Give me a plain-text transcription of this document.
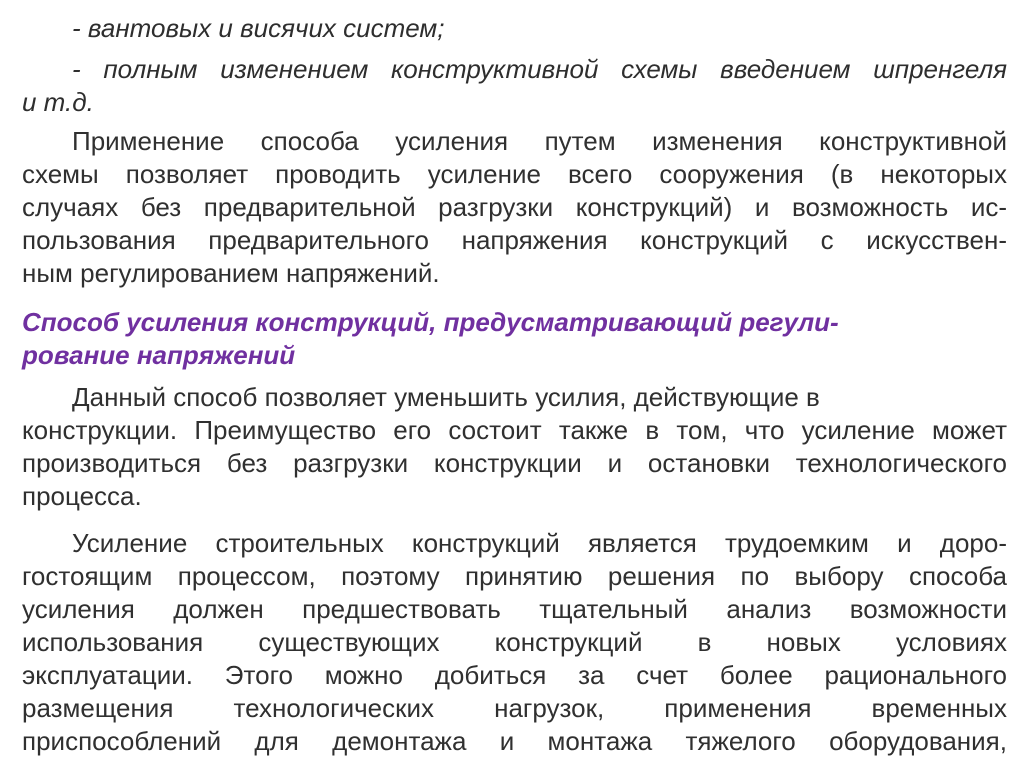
- вантовых и висячих систем;
- полным изменением конструктивной схемы введением шпренгеля
и т.д.
Применение способа усиления путем изменения конструктивной
схемы позволяет проводить усиление всего сооружения (в некоторых
случаях без предварительной разгрузки конструкций) и возможность ис-
пользования предварительного напряжения конструкций с искусствен-
ным регулированием напряжений.
Способ усиления конструкций, предусматривающий регули-
рование напряжений
Данный способ позволяет уменьшить усилия, действующие в
конструкции. Преимущество его состоит также в том, что усиление может
производиться без разгрузки конструкции и остановки технологического
процесса.
Усиление строительных конструкций является трудоемким и доро-
гостоящим процессом, поэтому принятию решения по выбору способа
усиления должен предшествовать тщательный анализ возможности
использования существующих конструкций в новых условиях
эксплуатации. Этого можно добиться за счет более рационального
размещения технологических нагрузок, применения временных
приспособлений для демонтажа и монтажа тяжелого оборудования,
